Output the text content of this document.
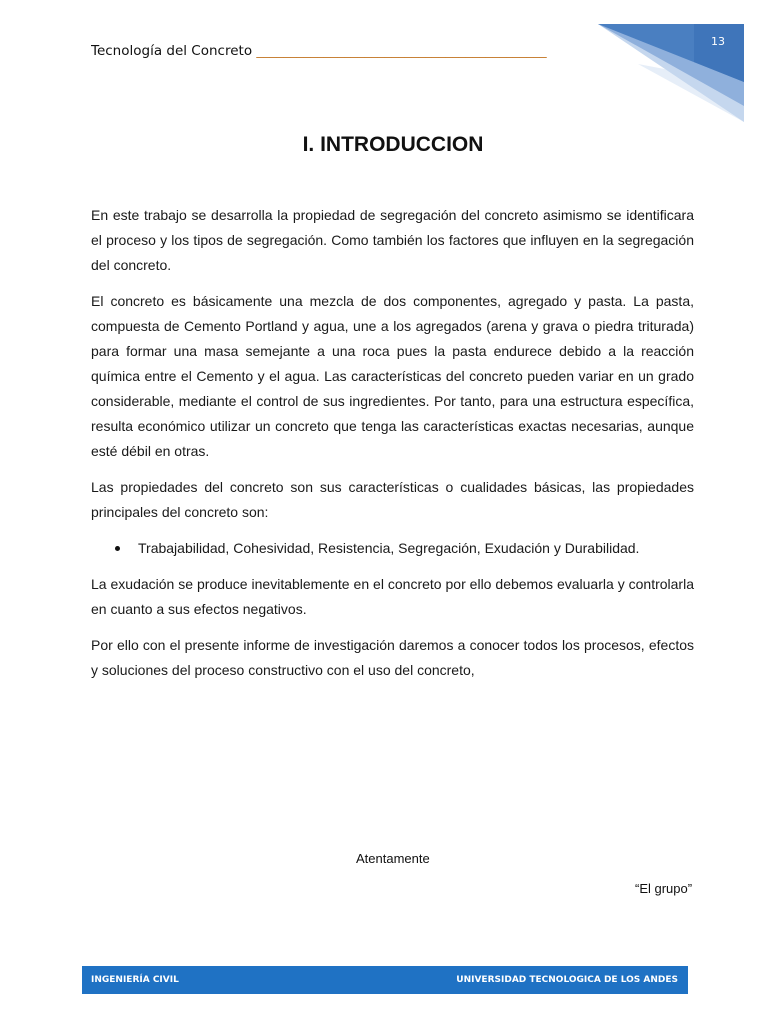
Tecnología del Concreto ___________________________________________
13
I. INTRODUCCION

En este trabajo se desarrolla la propiedad de segregación del concreto asimismo se identificara el proceso y los tipos de segregación. Como también los factores que influyen en la segregación del concreto.

El concreto es básicamente una mezcla de dos componentes, agregado y pasta. La pasta, compuesta de Cemento Portland y agua, une a los agregados (arena y grava o piedra triturada) para formar una masa semejante a una roca pues la pasta endurece debido a la reacción química entre el Cemento y el agua. Las características del concreto pueden variar en un grado considerable, mediante el control de sus ingredientes. Por tanto, para una estructura específica, resulta económico utilizar un concreto que tenga las características exactas necesarias, aunque esté débil en otras.

Las propiedades del concreto son sus características o cualidades básicas, las propiedades principales del concreto son:

Trabajabilidad, Cohesividad, Resistencia, Segregación, Exudación y Durabilidad.

La exudación se produce inevitablemente en el concreto por ello debemos evaluarla y controlarla en cuanto a sus efectos negativos.

Por ello con el presente informe de investigación daremos a conocer todos los procesos, efectos y soluciones del proceso constructivo con el uso del concreto,

Atentamente
“El grupo”
INGENIERÍA CIVIL	UNIVERSIDAD TECNOLOGICA DE LOS ANDES
